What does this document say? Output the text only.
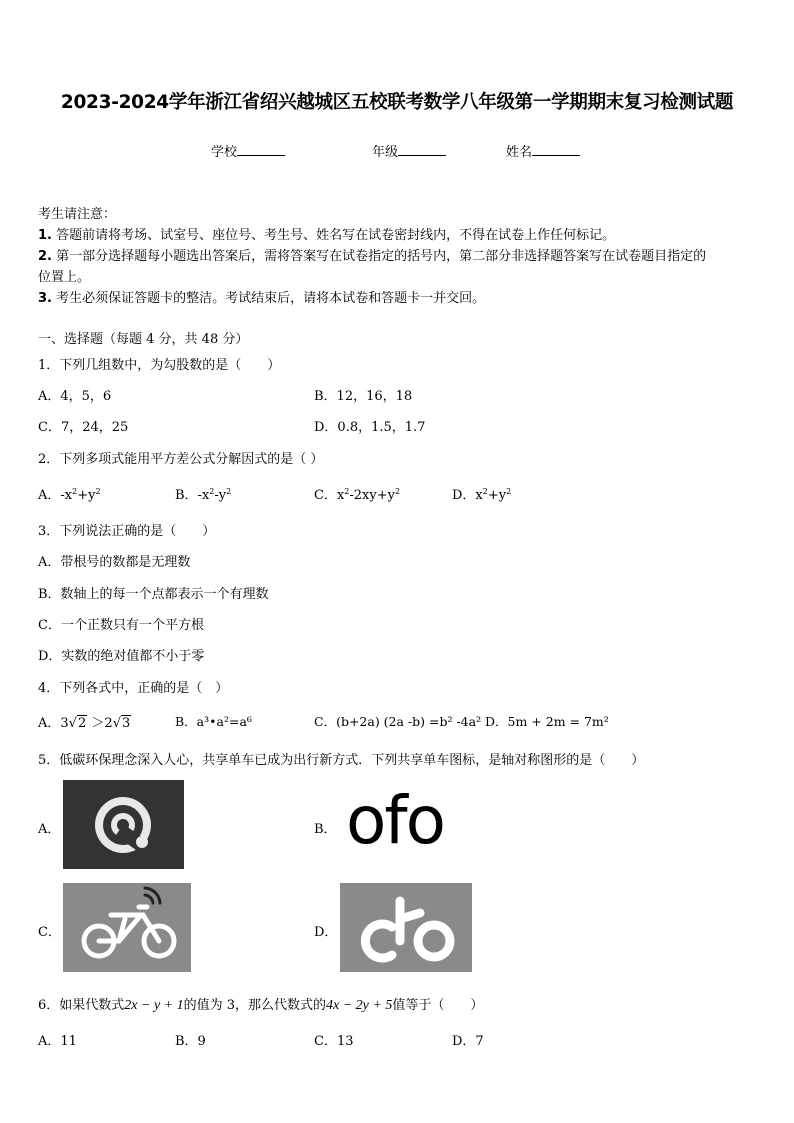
2023-2024学年浙江省绍兴越城区五校联考数学八年级第一学期期末复习检测试题
学校	年级	姓名
考生请注意：
1. 答题前请将考场、试室号、座位号、考生号、姓名写在试卷密封线内，不得在试卷上作任何标记。
2. 第一部分选择题每小题选出答案后，需将答案写在试卷指定的括号内，第二部分非选择题答案写在试卷题目指定的
位置上。
3. 考生必须保证答题卡的整洁。考试结束后，请将本试卷和答题卡一并交回。
一、选择题（每题 4 分，共 48 分）
1．下列几组数中，为勾股数的是（　　）
A．4，5，6	B．12，16，18
C．7，24，25	D．0.8，1.5，1.7
2．下列多项式能用平方差公式分解因式的是（ ）
A．$-x^2+y^2$	B．$-x^2-y^2$	C．$x^2-2xy+y^2$	D．$x^2+y^2$
3．下列说法正确的是（　　）
A．带根号的数都是无理数
B．数轴上的每一个点都表示一个有理数
C．一个正数只有一个平方根
D．实数的绝对值都不小于零
4．下列各式中，正确的是（　）
A．3√2 ＞2√3	B．a³•a²=a⁶	C．(b+2a) (2a -b) =b² -4a² D．5m + 2m = 7m²
5．低碳环保理念深入人心，共享单车已成为出行新方式．下列共享单车图标，是轴对称图形的是（　　）
A．	B． ofo
C．	D．
6．如果代数式2x − y + 1的值为 3，那么代数式的4x − 2y + 5值等于（　　）
A．11	B．9	C．13	D．7
